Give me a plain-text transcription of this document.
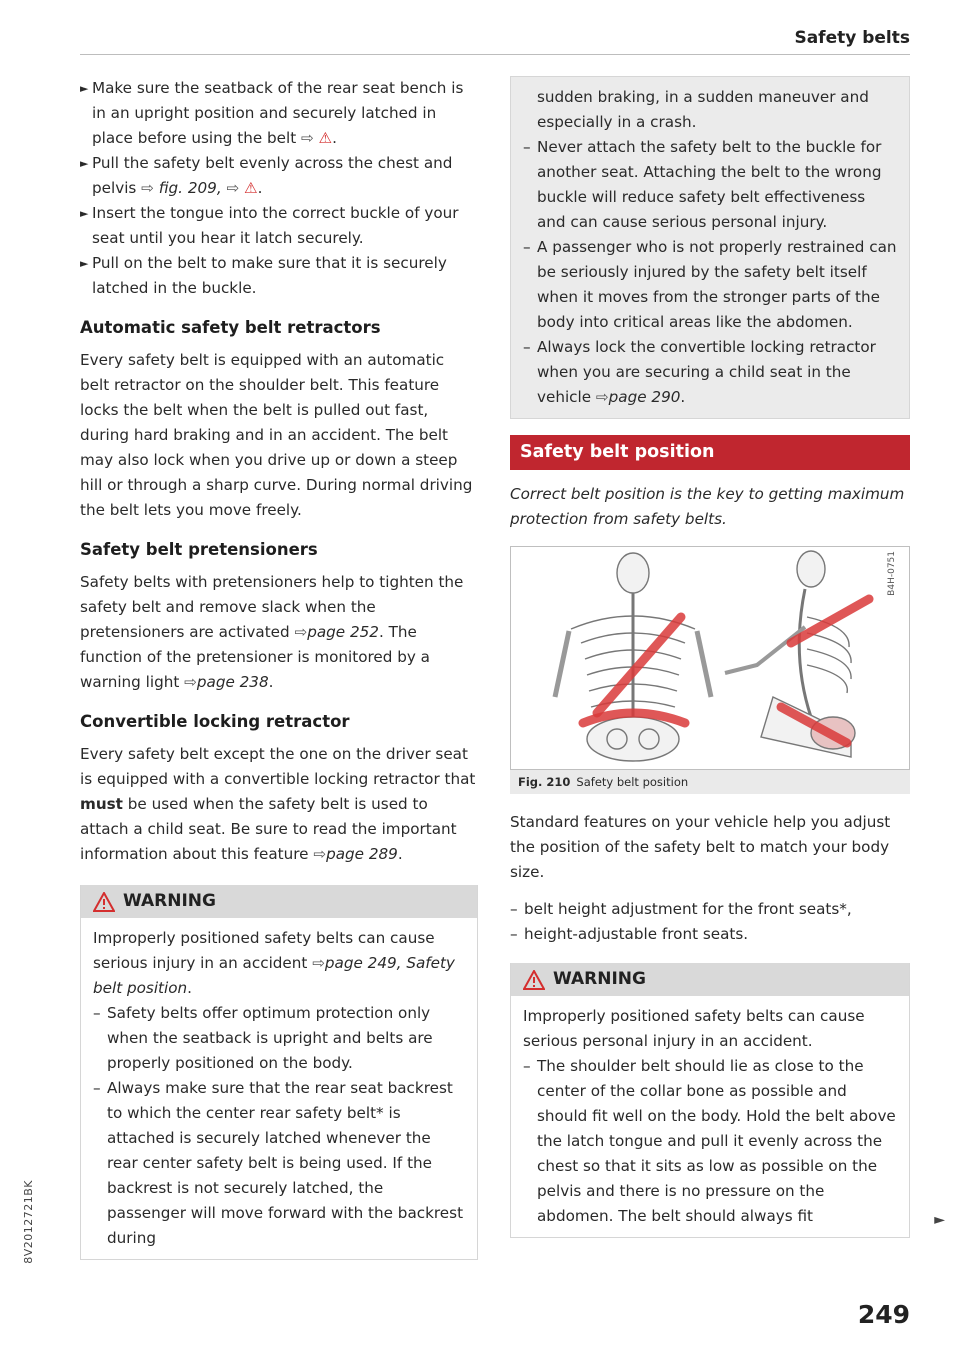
Safety belts
► Make sure the seatback of the rear seat bench is in an upright position and securely latched in place before using the belt ⇨ ⚠.
► Pull the safety belt evenly across the chest and pelvis ⇨ fig. 209, ⇨ ⚠.
► Insert the tongue into the correct buckle of your seat until you hear it latch securely.
► Pull on the belt to make sure that it is securely latched in the buckle.
Automatic safety belt retractors
Every safety belt is equipped with an automatic belt retractor on the shoulder belt. This feature locks the belt when the belt is pulled out fast, during hard braking and in an accident. The belt may also lock when you drive up or down a steep hill or through a sharp curve. During normal driving the belt lets you move freely.
Safety belt pretensioners
Safety belts with pretensioners help to tighten the safety belt and remove slack when the pretensioners are activated ⇨page 252. The function of the pretensioner is monitored by a warning light ⇨page 238.
Convertible locking retractor
Every safety belt except the one on the driver seat is equipped with a convertible locking retractor that must be used when the safety belt is used to attach a child seat. Be sure to read the important information about this feature ⇨page 289.
WARNING
Improperly positioned safety belts can cause serious injury in an accident ⇨page 249, Safety belt position.
– Safety belts offer optimum protection only when the seatback is upright and belts are properly positioned on the body.
– Always make sure that the rear seat backrest to which the center rear safety belt* is attached is securely latched whenever the rear center safety belt is being used. If the backrest is not securely latched, the passenger will move forward with the backrest during
sudden braking, in a sudden maneuver and especially in a crash.
– Never attach the safety belt to the buckle for another seat. Attaching the belt to the wrong buckle will reduce safety belt effectiveness and can cause serious personal injury.
– A passenger who is not properly restrained can be seriously injured by the safety belt itself when it moves from the stronger parts of the body into critical areas like the abdomen.
– Always lock the convertible locking retractor when you are securing a child seat in the vehicle ⇨page 290.
Safety belt position
Correct belt position is the key to getting maximum protection from safety belts.
B4H-0751
Fig. 210 Safety belt position
Standard features on your vehicle help you adjust the position of the safety belt to match your body size.
– belt height adjustment for the front seats*,
– height-adjustable front seats.
WARNING
Improperly positioned safety belts can cause serious personal injury in an accident.
– The shoulder belt should lie as close to the center of the collar bone as possible and should fit well on the body. Hold the belt above the latch tongue and pull it evenly across the chest so that it sits as low as possible on the pelvis and there is no pressure on the abdomen. The belt should always fit	►
249
8V2012721BK
